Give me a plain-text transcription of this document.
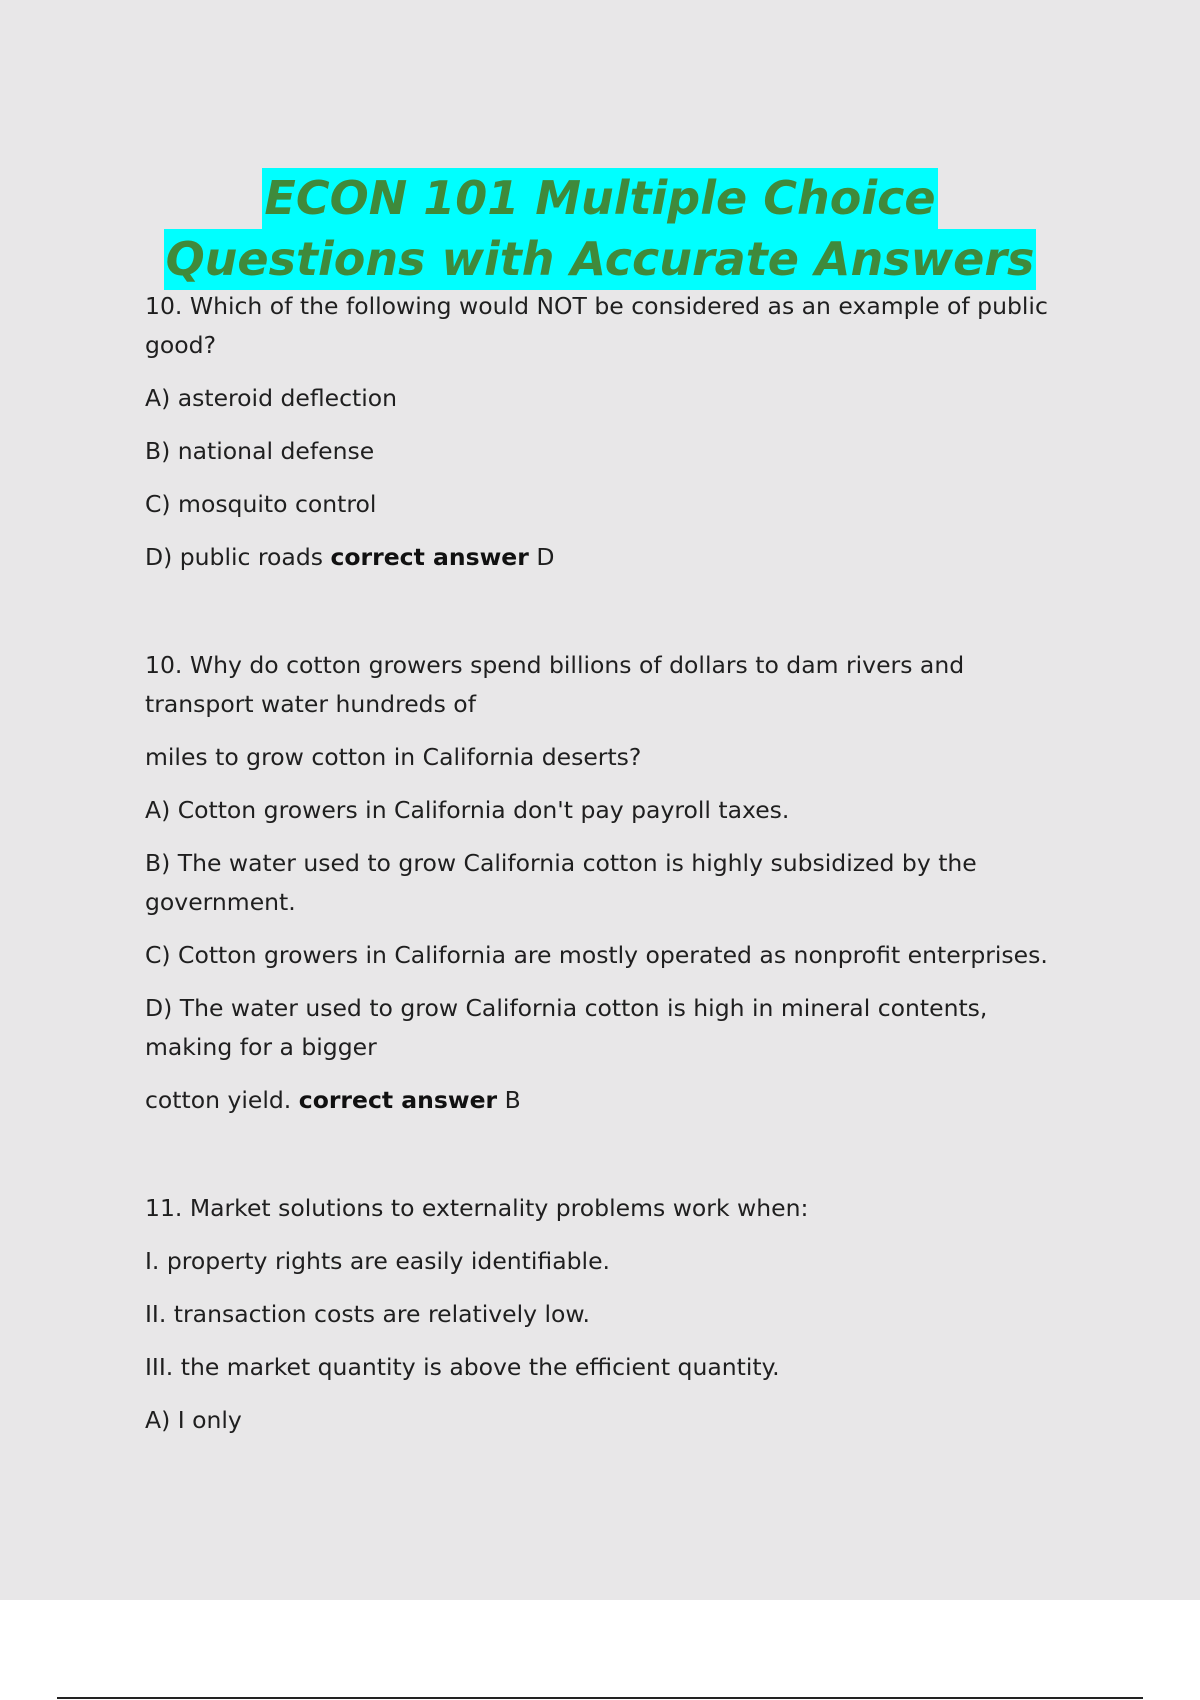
ECON 101 Multiple Choice
Questions with Accurate Answers

10. Which of the following would NOT be considered as an example of public good?

A) asteroid deflection

B) national defense

C) mosquito control

D) public roads correct answer D

10. Why do cotton growers spend billions of dollars to dam rivers and transport water hundreds of

miles to grow cotton in California deserts?

A) Cotton growers in California don't pay payroll taxes.

B) The water used to grow California cotton is highly subsidized by the government.

C) Cotton growers in California are mostly operated as nonprofit enterprises.

D) The water used to grow California cotton is high in mineral contents, making for a bigger

cotton yield. correct answer B

11. Market solutions to externality problems work when:

I. property rights are easily identifiable.

II. transaction costs are relatively low.

III. the market quantity is above the efficient quantity.

A) I only
